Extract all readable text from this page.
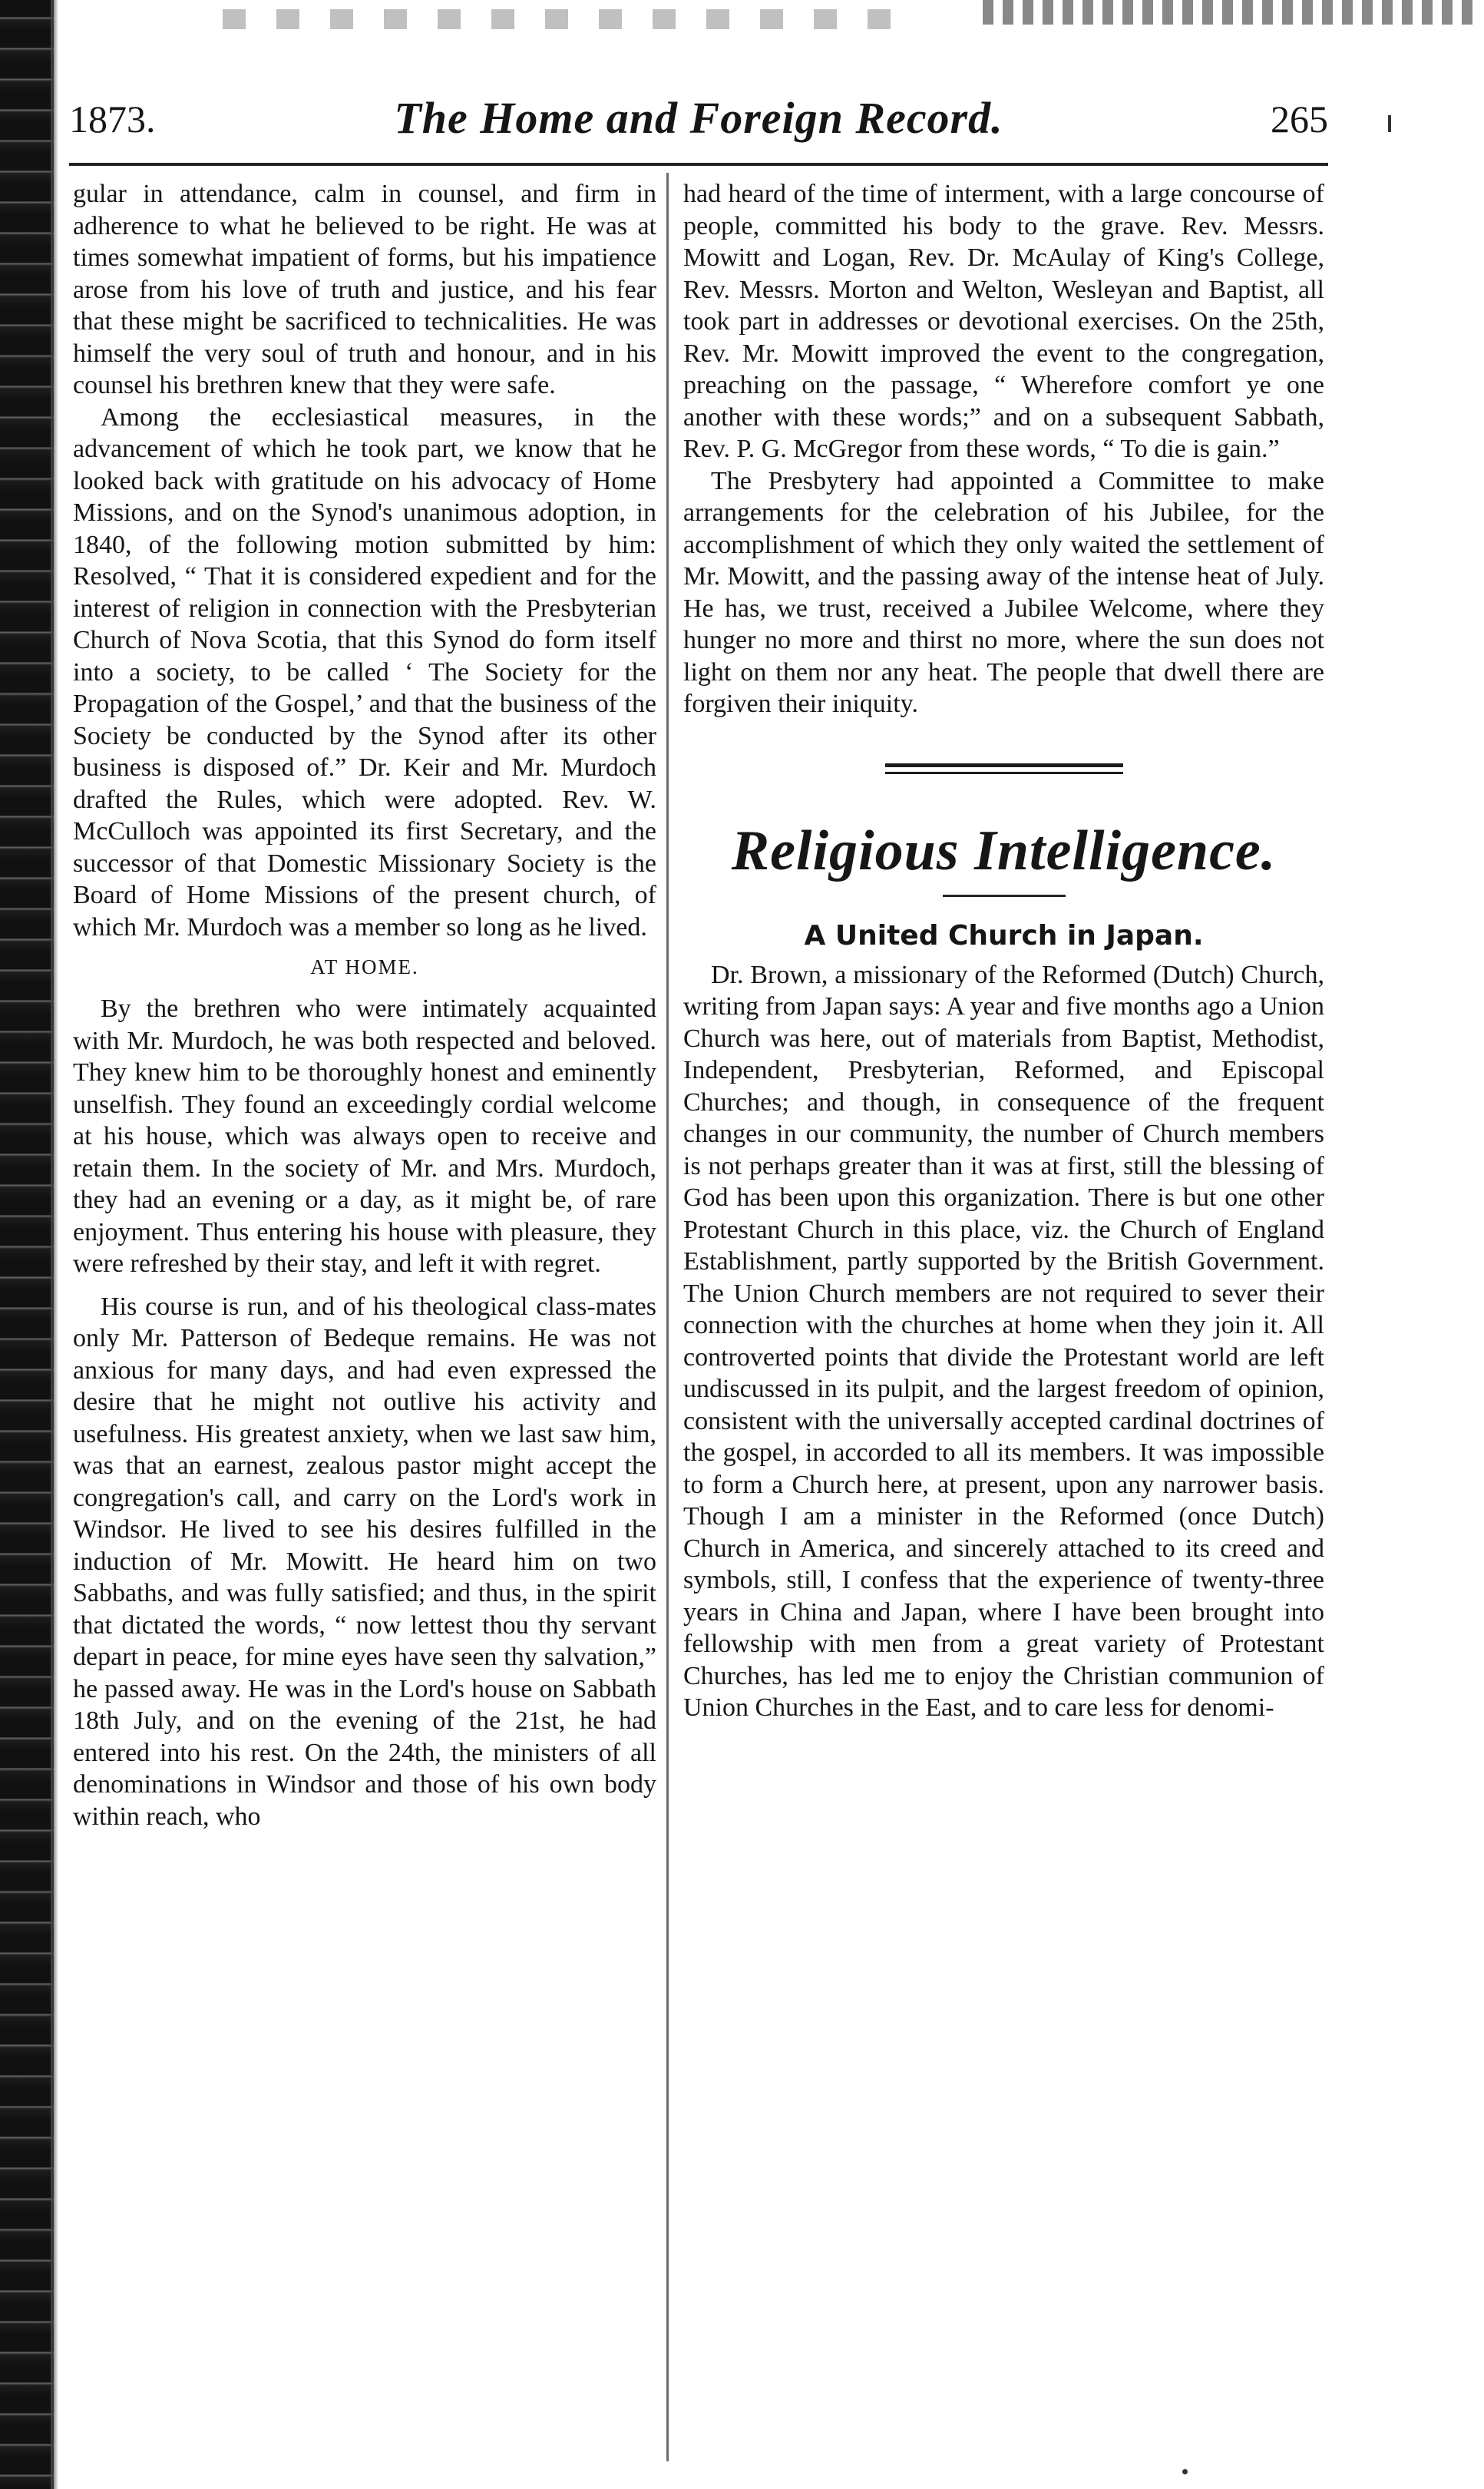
1873.	The Home and Foreign Record.	265

gular in attendance, calm in counsel, and firm in adherence to what he believed to be right. He was at times somewhat impatient of forms, but his impatience arose from his love of truth and justice, and his fear that these might be sacrificed to technicalities. He was himself the very soul of truth and honour, and in his counsel his brethren knew that they were safe.

Among the ecclesiastical measures, in the advancement of which he took part, we know that he looked back with gratitude on his advocacy of Home Missions, and on the Synod's unanimous adoption, in 1840, of the following motion submitted by him: Resolved, “ That it is considered expedient and for the interest of religion in connection with the Presbyterian Church of Nova Scotia, that this Synod do form itself into a society, to be called ‘ The Society for the Propagation of the Gospel,’ and that the business of the Society be conducted by the Synod after its other business is disposed of.” Dr. Keir and Mr. Murdoch drafted the Rules, which were adopted. Rev. W. McCulloch was appointed its first Secretary, and the successor of that Domestic Missionary Society is the Board of Home Missions of the present church, of which Mr. Murdoch was a member so long as he lived.

AT HOME.

By the brethren who were intimately acquainted with Mr. Murdoch, he was both respected and beloved. They knew him to be thoroughly honest and eminently unselfish. They found an exceedingly cordial welcome at his house, which was always open to receive and retain them. In the society of Mr. and Mrs. Murdoch, they had an evening or a day, as it might be, of rare enjoyment. Thus entering his house with pleasure, they were refreshed by their stay, and left it with regret.

His course is run, and of his theological class-mates only Mr. Patterson of Bedeque remains. He was not anxious for many days, and had even expressed the desire that he might not outlive his activity and usefulness. His greatest anxiety, when we last saw him, was that an earnest, zealous pastor might accept the congregation's call, and carry on the Lord's work in Windsor. He lived to see his desires fulfilled in the induction of Mr. Mowitt. He heard him on two Sabbaths, and was fully satisfied; and thus, in the spirit that dictated the words, “ now lettest thou thy servant depart in peace, for mine eyes have seen thy salvation,” he passed away. He was in the Lord's house on Sabbath 18th July, and on the evening of the 21st, he had entered into his rest. On the 24th, the ministers of all denominations in Windsor and those of his own body within reach, who

had heard of the time of interment, with a large concourse of people, committed his body to the grave. Rev. Messrs. Mowitt and Logan, Rev. Dr. McAulay of King's College, Rev. Messrs. Morton and Welton, Wesleyan and Baptist, all took part in addresses or devotional exercises. On the 25th, Rev. Mr. Mowitt improved the event to the congregation, preaching on the passage, “ Wherefore comfort ye one another with these words;” and on a subsequent Sabbath, Rev. P. G. McGregor from these words, “ To die is gain.”

The Presbytery had appointed a Committee to make arrangements for the celebration of his Jubilee, for the accomplishment of which they only waited the settlement of Mr. Mowitt, and the passing away of the intense heat of July. He has, we trust, received a Jubilee Welcome, where they hunger no more and thirst no more, where the sun does not light on them nor any heat. The people that dwell there are forgiven their iniquity.

Religious Intelligence.
A United Church in Japan.

Dr. Brown, a missionary of the Reformed (Dutch) Church, writing from Japan says: A year and five months ago a Union Church was here, out of materials from Baptist, Methodist, Independent, Presbyterian, Reformed, and Episcopal Churches; and though, in consequence of the frequent changes in our community, the number of Church members is not perhaps greater than it was at first, still the blessing of God has been upon this organization. There is but one other Protestant Church in this place, viz. the Church of England Establishment, partly supported by the British Government. The Union Church members are not required to sever their connection with the churches at home when they join it. All controverted points that divide the Protestant world are left undiscussed in its pulpit, and the largest freedom of opinion, consistent with the universally accepted cardinal doctrines of the gospel, in accorded to all its members. It was impossible to form a Church here, at present, upon any narrower basis. Though I am a minister in the Reformed (once Dutch) Church in America, and sincerely attached to its creed and symbols, still, I confess that the experience of twenty-three years in China and Japan, where I have been brought into fellowship with men from a great variety of Protestant Churches, has led me to enjoy the Christian communion of Union Churches in the East, and to care less for denomi-
